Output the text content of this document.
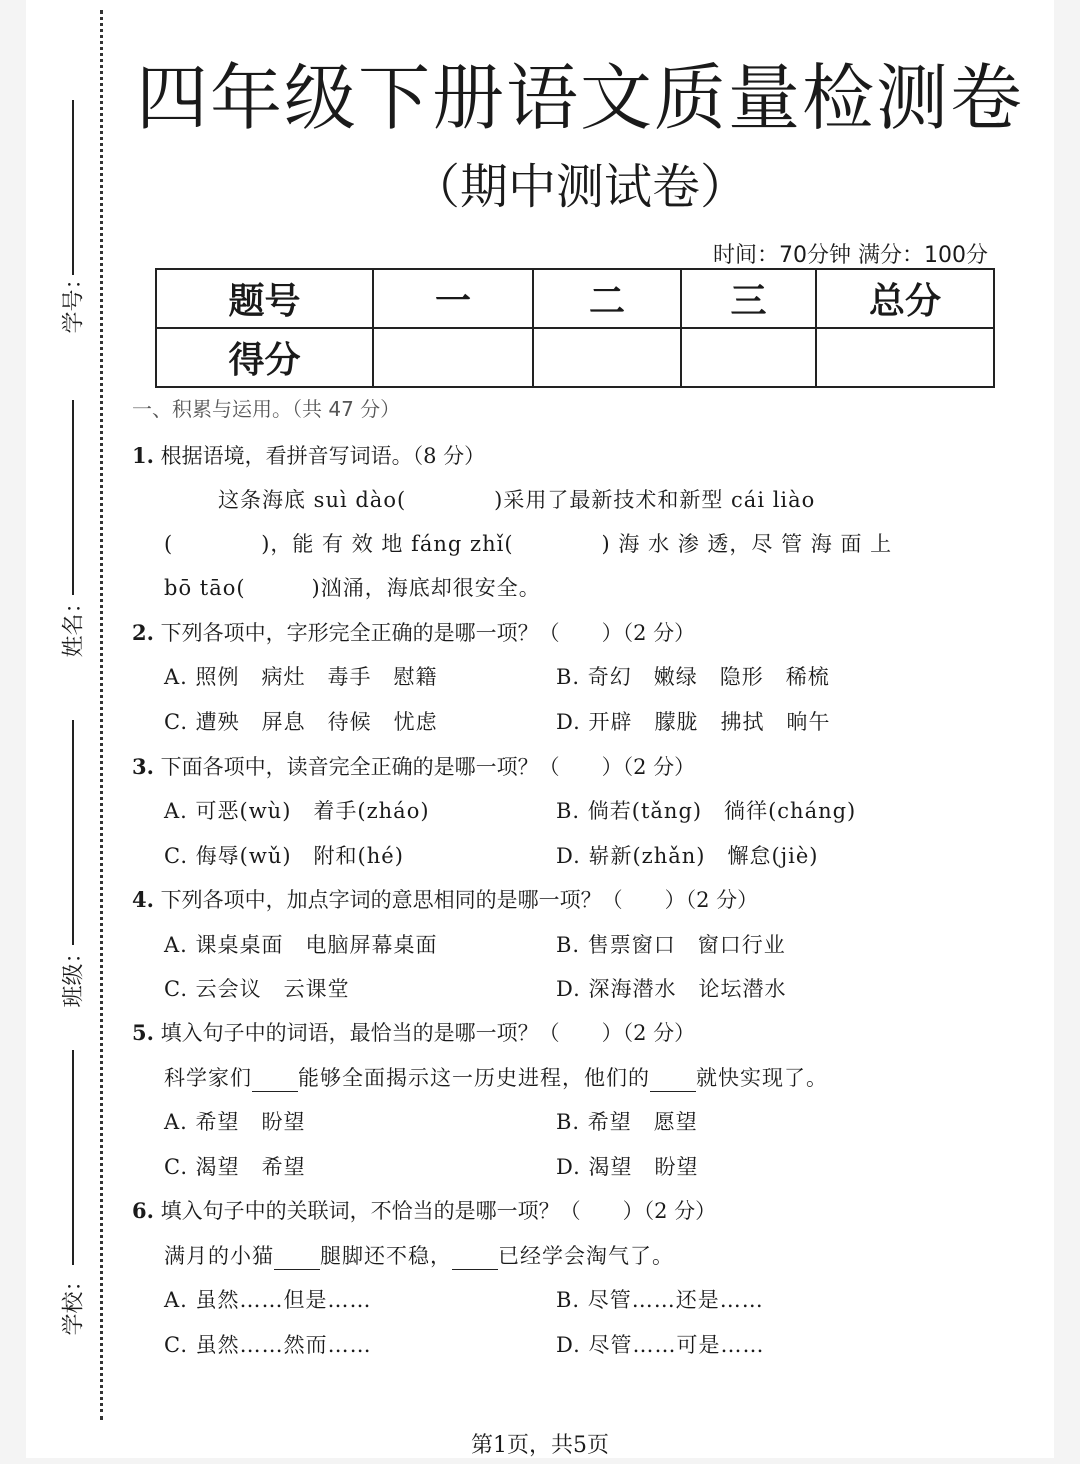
学号：
姓名：
班级：
学校：
四年级下册语文质量检测卷
（期中测试卷）
时间：70分钟 满分：100分
题号	一	二	三	总分
得分				
一、积累与运用。（共 47 分）
1. 根据语境，看拼音写词语。（8 分）
这条海底 suì dào(　　　　)采用了最新技术和新型 cái liào
(　　　　)，能 有 效 地 fáng zhǐ(　　　　) 海 水 渗 透，尽 管 海 面 上
bō tāo(　　　)汹涌，海底却很安全。
2. 下列各项中，字形完全正确的是哪一项？（　　）（2 分）
A. 照例　病灶　毒手　慰籍	B. 奇幻　嫩绿　隐形　稀梳
C. 遭殃　屏息　待候　忧虑	D. 开辟　朦胧　拂拭　晌午
3. 下面各项中，读音完全正确的是哪一项？（　　）（2 分）
A. 可恶(wù)　着手(zháo)	B. 倘若(tǎng)　徜徉(cháng)
C. 侮辱(wǔ)　附和(hé)	D. 崭新(zhǎn)　懈怠(jiè)
4. 下列各项中，加点字词的意思相同的是哪一项？（　　）（2 分）
A. 课桌桌面　电脑屏幕桌面	B. 售票窗口　窗口行业
C. 云会议　云课堂	D. 深海潜水　论坛潜水
5. 填入句子中的词语，最恰当的是哪一项？（　　）（2 分）
科学家们 能够全面揭示这一历史进程，他们的 就快实现了。
A. 希望　盼望	B. 希望　愿望
C. 渴望　希望	D. 渴望　盼望
6. 填入句子中的关联词，不恰当的是哪一项？（　　）（2 分）
满月的小猫 腿脚还不稳， 已经学会淘气了。
A. 虽然……但是……	B. 尽管……还是……
C. 虽然……然而……	D. 尽管……可是……
第1页，共5页
